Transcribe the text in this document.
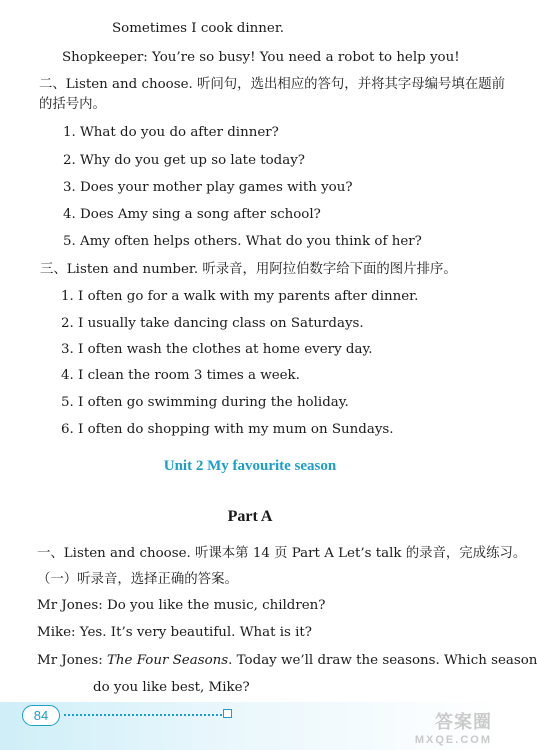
Sometimes I cook dinner.
Shopkeeper: You’re so busy! You need a robot to help you!
二、Listen and choose. 听问句，选出相应的答句，并将其字母编号填在题前
的括号内。
1. What do you do after dinner?
2. Why do you get up so late today?
3. Does your mother play games with you?
4. Does Amy sing a song after school?
5. Amy often helps others. What do you think of her?
三、Listen and number. 听录音，用阿拉伯数字给下面的图片排序。
1. I often go for a walk with my parents after dinner.
2. I usually take dancing class on Saturdays.
3. I often wash the clothes at home every day.
4. I clean the room 3 times a week.
5. I often go swimming during the holiday.
6. I often do shopping with my mum on Sundays.
Unit 2 My favourite season
Part A
一、Listen and choose. 听课本第 14 页 Part A Let’s talk 的录音，完成练习。
（一）听录音，选择正确的答案。
Mr Jones: Do you like the music, children?
Mike: Yes. It’s very beautiful. What is it?
Mr Jones: The Four Seasons. Today we’ll draw the seasons. Which season
do you like best, Mike?
84	答案圈
MXQE.COM
